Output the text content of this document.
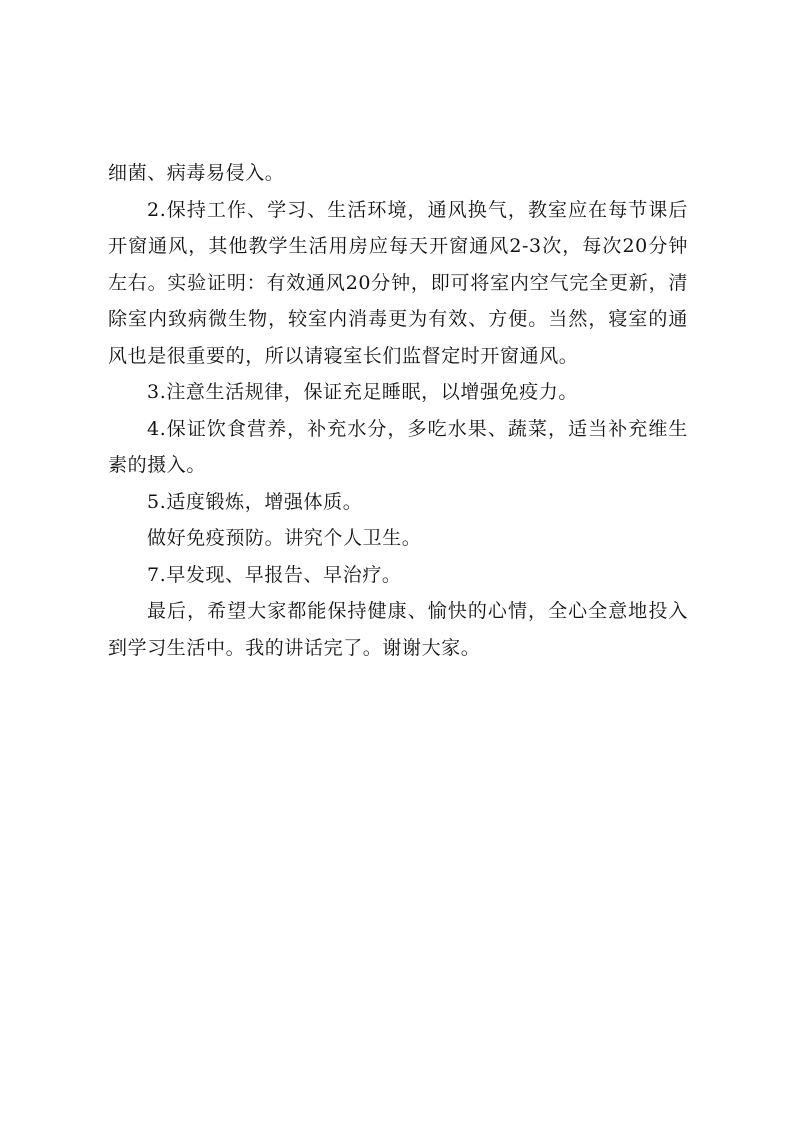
细菌、病毒易侵入。

2.保持工作、学习、生活环境，通风换气，教室应在每节课后开窗通风，其他教学生活用房应每天开窗通风2-3次，每次20分钟左右。实验证明：有效通风20分钟，即可将室内空气完全更新，清除室内致病微生物，较室内消毒更为有效、方便。当然，寝室的通风也是很重要的，所以请寝室长们监督定时开窗通风。

3.注意生活规律，保证充足睡眠，以增强免疫力。

4.保证饮食营养，补充水分，多吃水果、蔬菜，适当补充维生素的摄入。

5.适度锻炼，增强体质。

做好免疫预防。讲究个人卫生。

7.早发现、早报告、早治疗。

最后，希望大家都能保持健康、愉快的心情，全心全意地投入到学习生活中。我的讲话完了。谢谢大家。
